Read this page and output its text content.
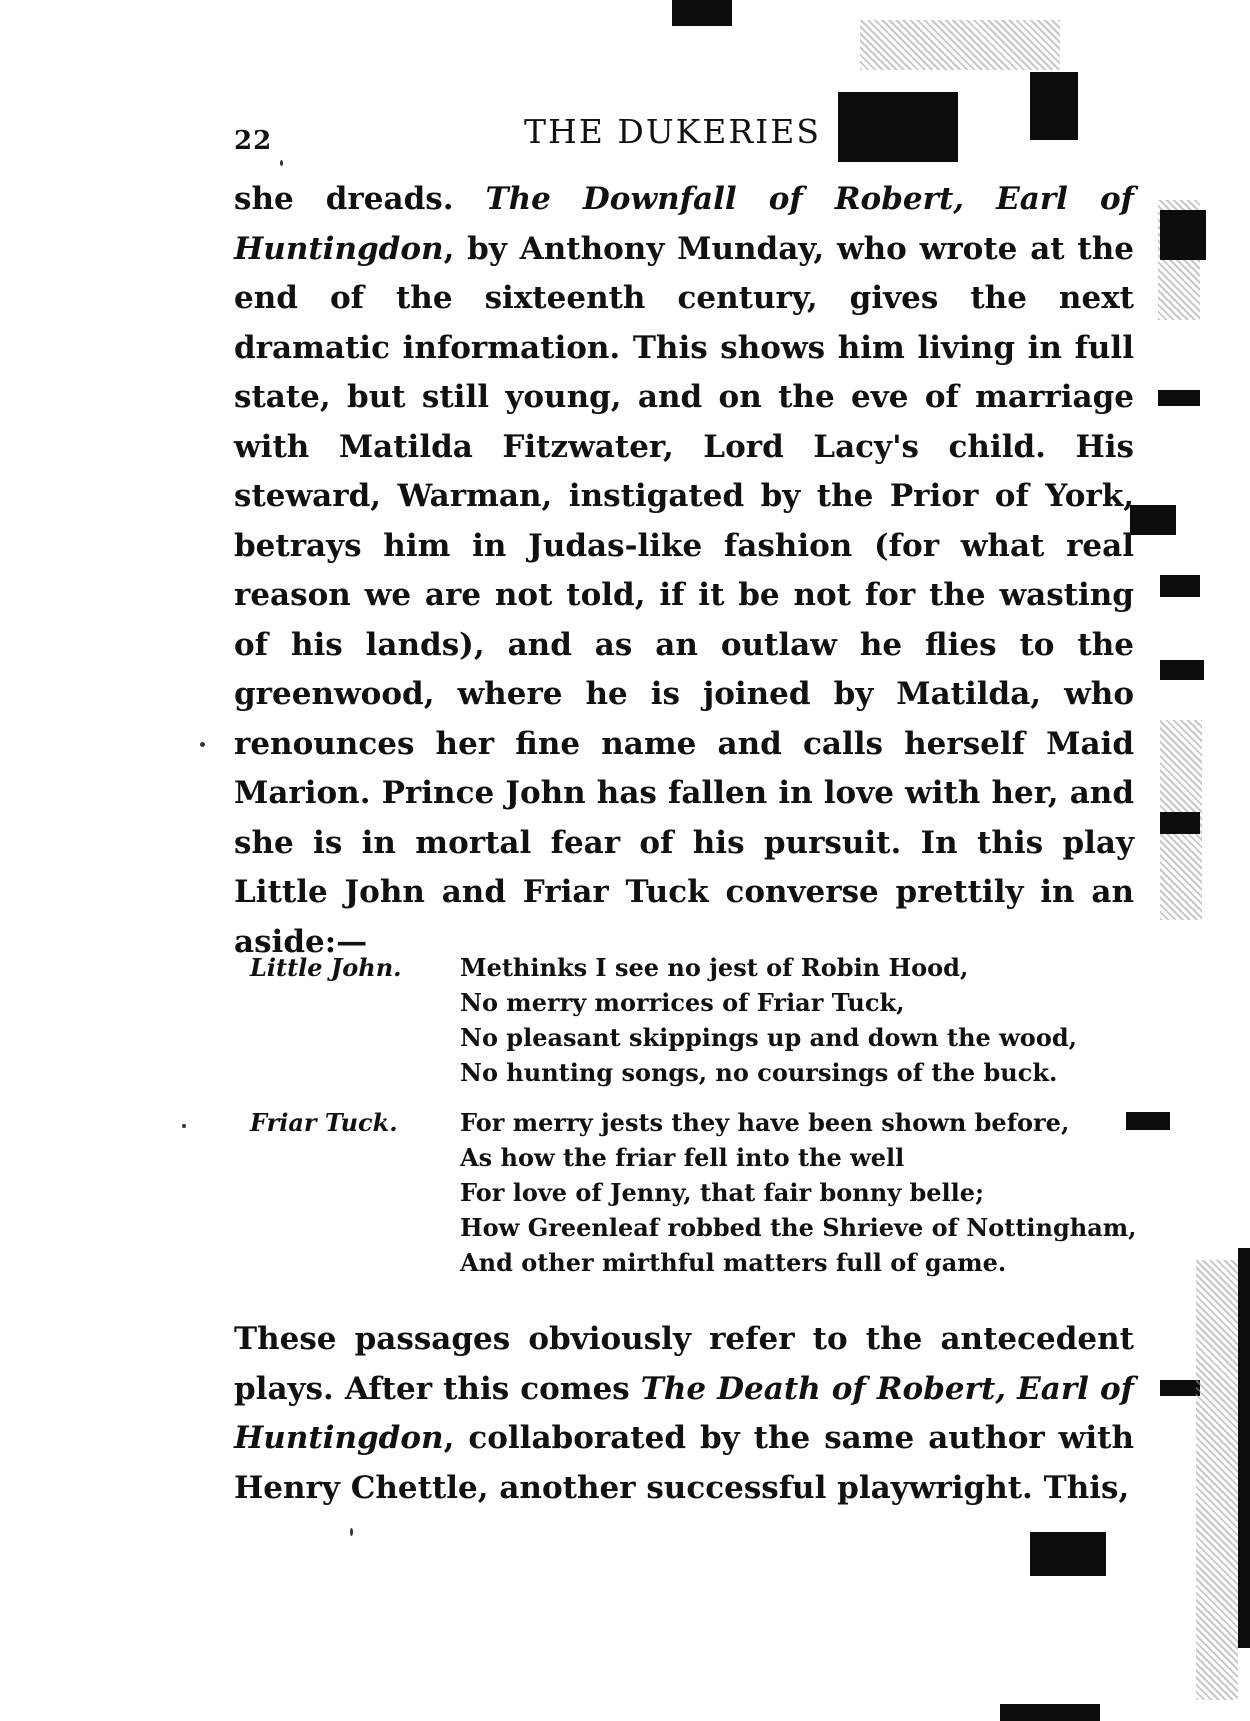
22	THE DUKERIES

she dreads. The Downfall of Robert, Earl of Huntingdon, by Anthony Munday, who wrote at the end of the sixteenth century, gives the next dramatic information. This shows him living in full state, but still young, and on the eve of marriage with Matilda Fitzwater, Lord Lacy's child. His steward, Warman, instigated by the Prior of York, betrays him in Judas-like fashion (for what real reason we are not told, if it be not for the wasting of his lands), and as an outlaw he flies to the greenwood, where he is joined by Matilda, who renounces her fine name and calls herself Maid Marion. Prince John has fallen in love with her, and she is in mortal fear of his pursuit. In this play Little John and Friar Tuck converse prettily in an aside:—

Little John. Methinks I see no jest of Robin Hood,
No merry morrices of Friar Tuck,
No pleasant skippings up and down the wood,
No hunting songs, no coursings of the buck.
Friar Tuck.	For merry jests they have been shown before,
As how the friar fell into the well
For love of Jenny, that fair bonny belle;
How Greenleaf robbed the Shrieve of Nottingham,
And other mirthful matters full of game.

These passages obviously refer to the antecedent plays. After this comes The Death of Robert, Earl of Huntingdon, collaborated by the same author with Henry Chettle, another successful playwright. This,
